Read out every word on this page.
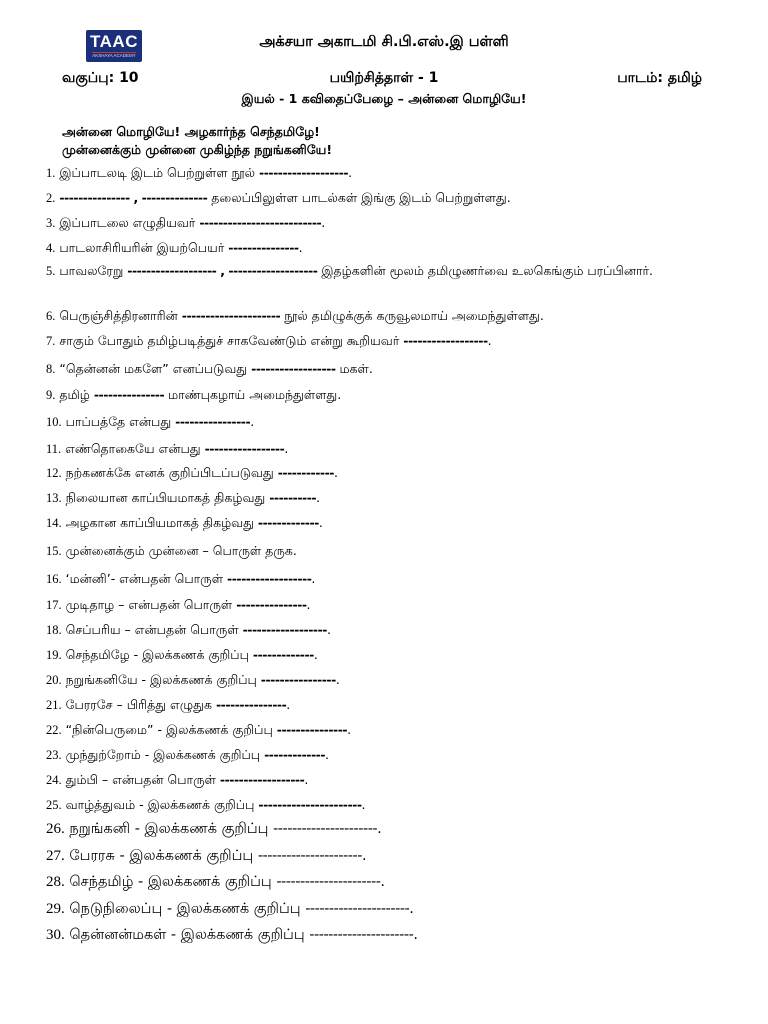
TAAC
AKSHAYA ACADEMY
அக்சயா அகாடமி சி.பி.எஸ்.இ பள்ளி
பயிற்சித்தாள் - 1
வகுப்பு: 10	பாடம்: தமிழ்
இயல் - 1 கவிதைப்பேழை – அன்னை மொழியே!
அன்னை மொழியே! அழகார்ந்த செந்தமிழே!
முன்னைக்கும் முன்னை முகிழ்ந்த நறுங்கனியே!
1. இப்பாடலடி இடம் பெற்றுள்ள நூல் -------------------.
2. --------------- , -------------- தலைப்பிலுள்ள பாடல்கள் இங்கு இடம் பெற்றுள்ளது.
3. இப்பாடலை எழுதியவர் --------------------------.
4. பாடலாசிரியரின் இயற்பெயர் ---------------.
5. பாவலரேறு ------------------- , ------------------- இதழ்களின் மூலம் தமிழுணர்வை உலகெங்கும் பரப்பினார்.
6. பெருஞ்சித்திரனாரின் --------------------- நூல் தமிழுக்குக் கருவூலமாய் அமைந்துள்ளது.
7. சாகும் போதும் தமிழ்படித்துச் சாகவேண்டும் என்று கூறியவர் ------------------.
8. “தென்னன் மகளே” எனப்படுவது ------------------ மகள்.
9. தமிழ் --------------- மாண்புகழாய் அமைந்துள்ளது.
10. பாப்பத்தே என்பது ----------------.
11. எண்தொகையே என்பது -----------------.
12. நற்கணக்கே எனக் குறிப்பிடப்படுவது ------------.
13. நிலையான காப்பியமாகத் திகழ்வது ----------.
14. அழகான காப்பியமாகத் திகழ்வது -------------.
15. முன்னைக்கும் முன்னை – பொருள் தருக.
16. ‘மன்னி’- என்பதன் பொருள் ------------------.
17. முடிதாழ – என்பதன் பொருள் ---------------.
18. செப்பரிய – என்பதன் பொருள் ------------------.
19. செந்தமிழே - இலக்கணக் குறிப்பு -------------.
20. நறுங்கனியே - இலக்கணக் குறிப்பு ----------------.
21. பேரரசே – பிரித்து எழுதுக ---------------.
22. “நின்பெருமை” - இலக்கணக் குறிப்பு ---------------.
23. முந்துற்றோம் - இலக்கணக் குறிப்பு -------------.
24. தும்பி – என்பதன் பொருள் ------------------.
25. வாழ்த்துவம் - இலக்கணக் குறிப்பு ----------------------.
26. நறுங்கனி - இலக்கணக் குறிப்பு ----------------------.
27. பேரரசு - இலக்கணக் குறிப்பு ----------------------.
28. செந்தமிழ் - இலக்கணக் குறிப்பு ----------------------.
29. நெடுநிலைப்பு - இலக்கணக் குறிப்பு ----------------------.
30. தென்னன்மகள் - இலக்கணக் குறிப்பு ----------------------.
